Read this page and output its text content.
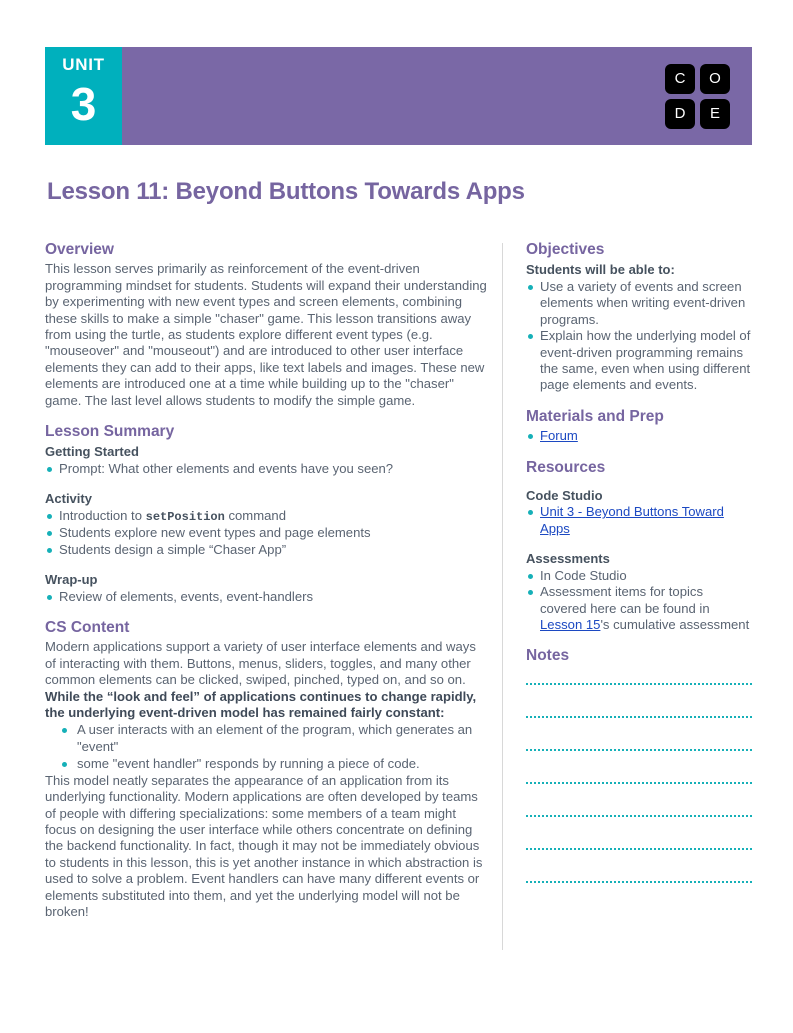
UNIT
3	C	O
D	E
Lesson 11: Beyond Buttons Towards Apps
Overview

This lesson serves primarily as reinforcement of the event-driven programming mindset for students. Students will expand their understanding by experimenting with new event types and screen elements, combining these skills to make a simple "chaser" game. This lesson transitions away from using the turtle, as students explore different event types (e.g. "mouseover" and "mouseout") and are introduced to other user interface elements they can add to their apps, like text labels and images. These new elements are introduced one at a time while building up to the "chaser" game. The last level allows students to modify the simple game.

Lesson Summary
Getting Started
Prompt: What other elements and events have you seen?
Activity
Introduction to setPosition command
Students explore new event types and page elements
Students design a simple “Chaser App”
Wrap-up
Review of elements, events, event-handlers
CS Content

Modern applications support a variety of user interface elements and ways of interacting with them. Buttons, menus, sliders, toggles, and many other common elements can be clicked, swiped, pinched, typed on, and so on. While the “look and feel” of applications continues to change rapidly, the underlying event-driven model has remained fairly constant:

A user interacts with an element of the program, which generates an "event"
some "event handler" responds by running a piece of code.

This model neatly separates the appearance of an application from its underlying functionality. Modern applications are often developed by teams of people with differing specializations: some members of a team might focus on designing the user interface while others concentrate on defining the backend functionality. In fact, though it may not be immediately obvious to students in this lesson, this is yet another instance in which abstraction is used to solve a problem. Event handlers can have many different events or elements substituted into them, and yet the underlying model will not be broken!

Objectives
Students will be able to:
Use a variety of events and screen elements when writing event-driven programs.
Explain how the underlying model of event-driven programming remains the same, even when using different page elements and events.
Materials and Prep
Forum
Resources
Code Studio
Unit 3 - Beyond Buttons Toward Apps
Assessments
In Code Studio
Assessment items for topics covered here can be found in Lesson 15's cumulative assessment
Notes
